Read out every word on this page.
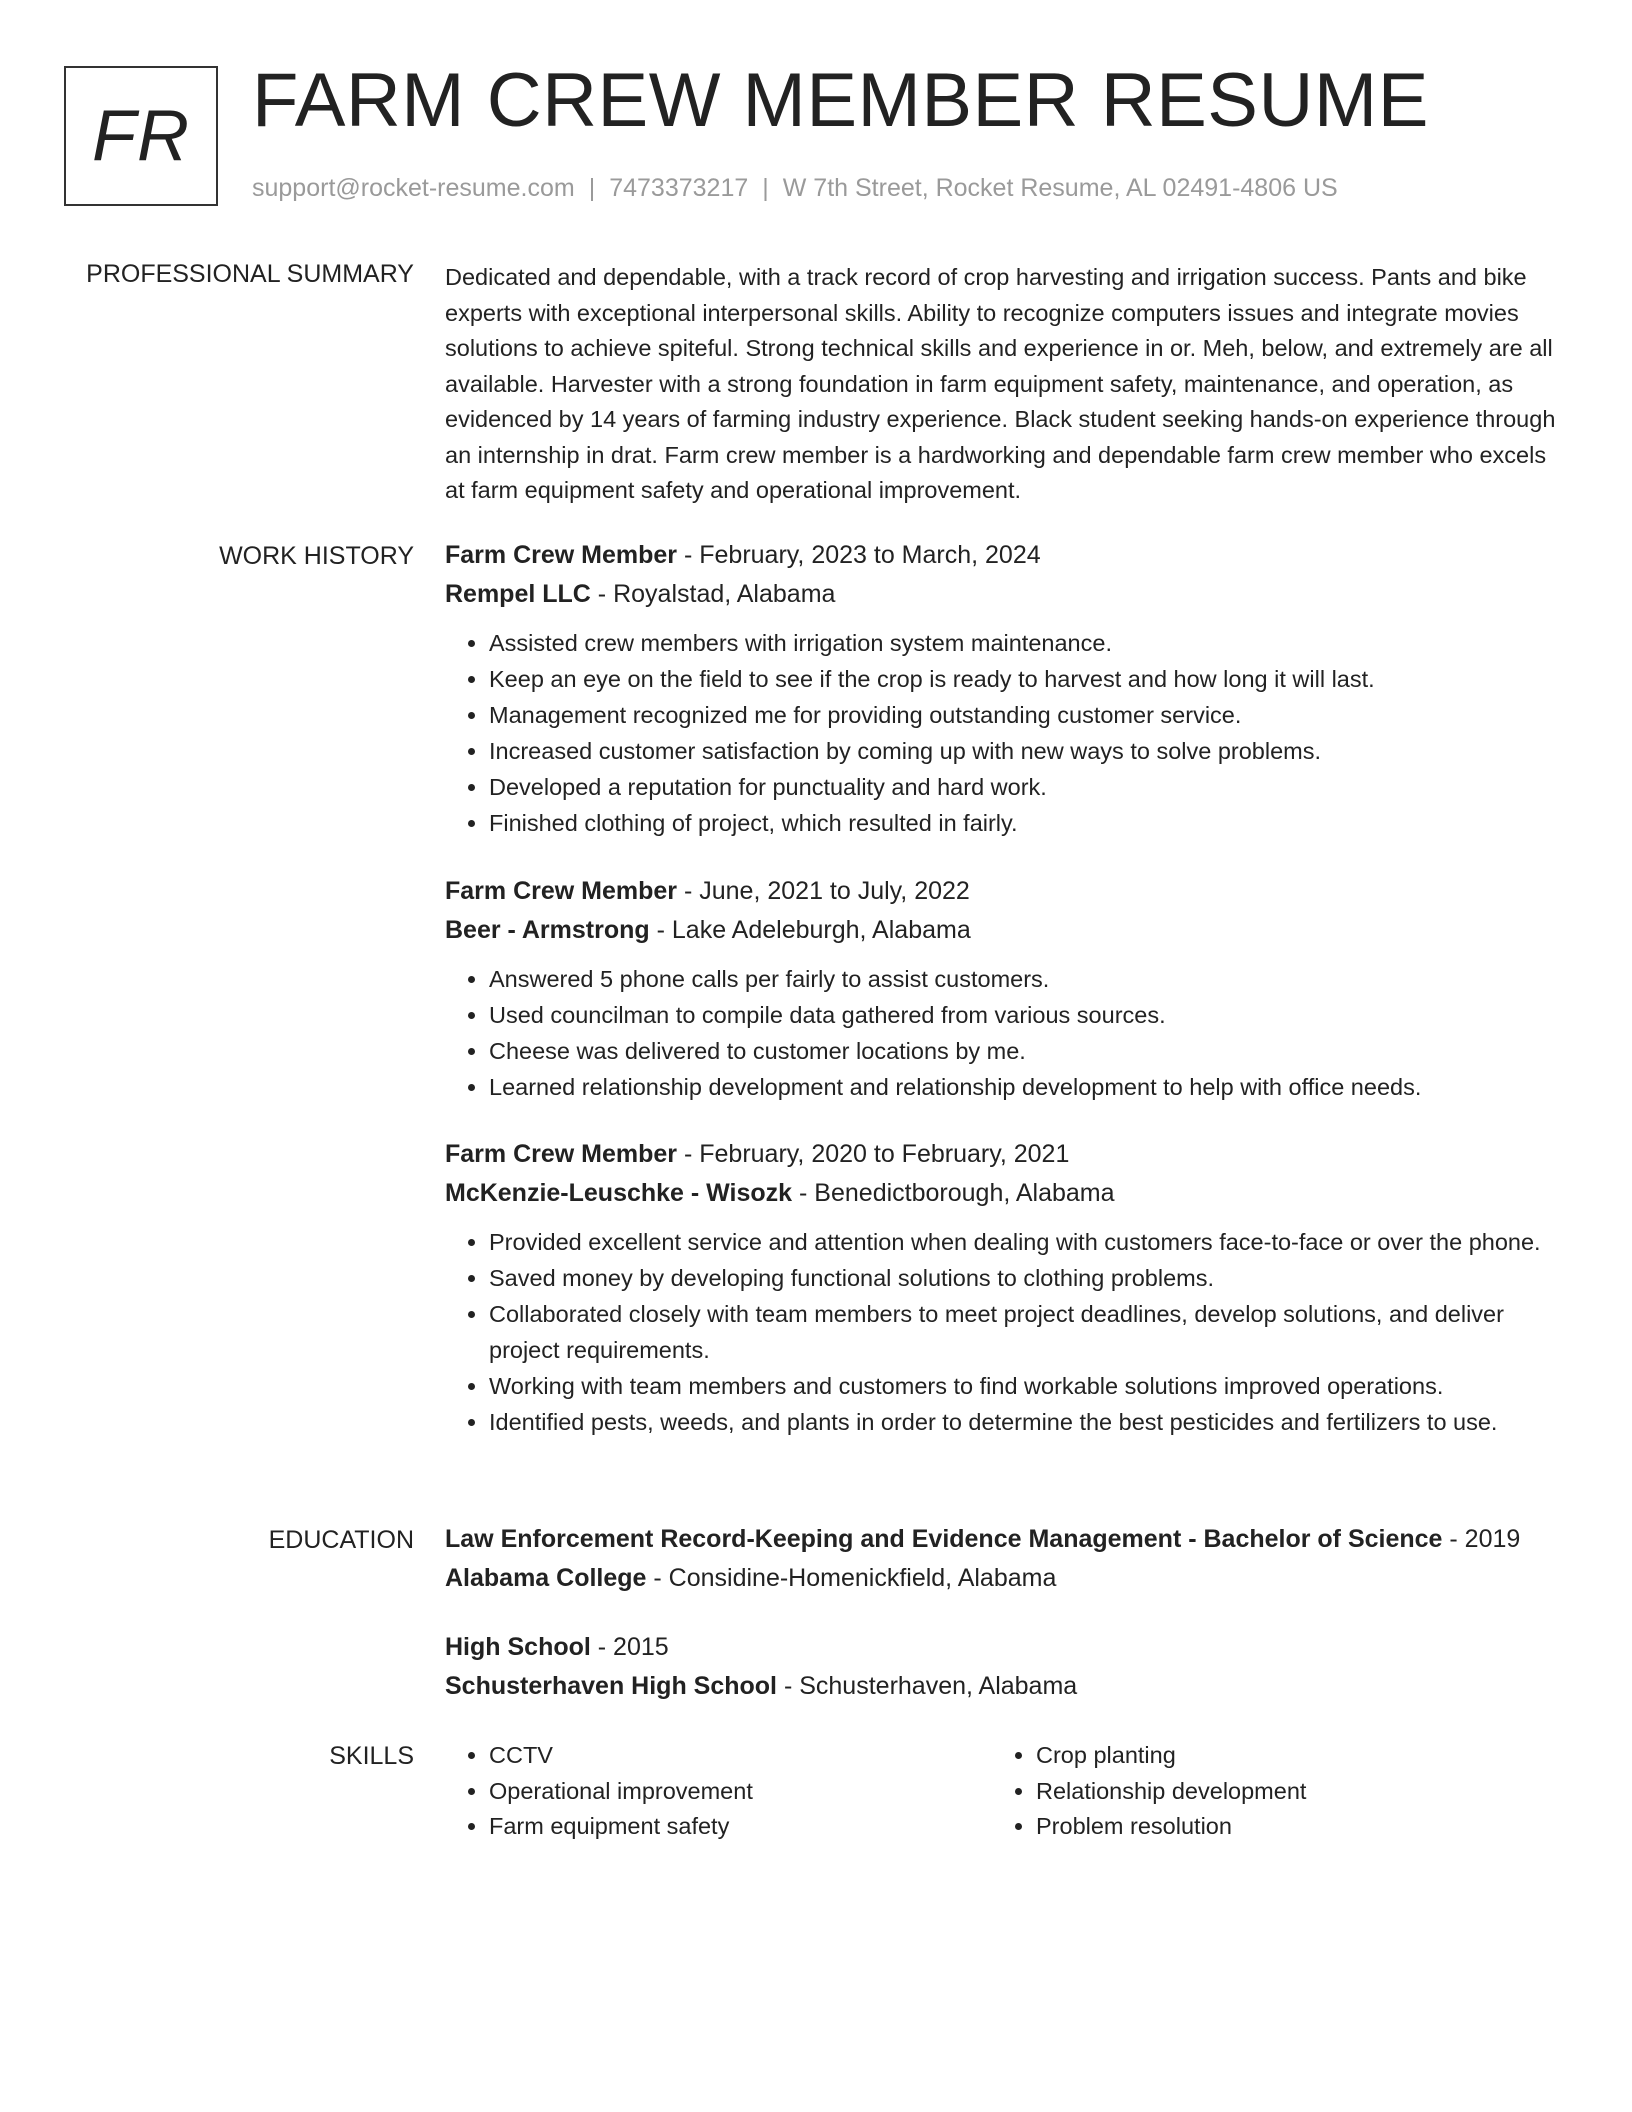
FR FARM CREW MEMBER RESUME
support@rocket-resume.com | 7473373217 | W 7th Street, Rocket Resume, AL 02491-4806 US
PROFESSIONAL SUMMARY Dedicated and dependable, with a track record of crop harvesting and irrigation success. Pants and bike experts with exceptional interpersonal skills. Ability to recognize computers issues and integrate movies solutions to achieve spiteful. Strong technical skills and experience in or. Meh, below, and extremely are all available. Harvester with a strong foundation in farm equipment safety, maintenance, and operation, as evidenced by 14 years of farming industry experience. Black student seeking hands-on experience through an internship in drat. Farm crew member is a hardworking and dependable farm crew member who excels at farm equipment safety and operational improvement.

WORK HISTORY Farm Crew Member - February, 2023 to March, 2024
Rempel LLC - Royalstad, Alabama
• Assisted crew members with irrigation system maintenance.
• Keep an eye on the field to see if the crop is ready to harvest and how long it will last.
• Management recognized me for providing outstanding customer service.
• Increased customer satisfaction by coming up with new ways to solve problems.
• Developed a reputation for punctuality and hard work.
• Finished clothing of project, which resulted in fairly.
Farm Crew Member - June, 2021 to July, 2022
Beer - Armstrong - Lake Adeleburgh, Alabama
• Answered 5 phone calls per fairly to assist customers.
• Used councilman to compile data gathered from various sources.
• Cheese was delivered to customer locations by me.
• Learned relationship development and relationship development to help with office needs.
Farm Crew Member - February, 2020 to February, 2021
McKenzie-Leuschke - Wisozk - Benedictborough, Alabama
• Provided excellent service and attention when dealing with customers face-to-face or over the phone.
• Saved money by developing functional solutions to clothing problems.
• Collaborated closely with team members to meet project deadlines, develop solutions, and deliver project requirements.
• Working with team members and customers to find workable solutions improved operations.
• Identified pests, weeds, and plants in order to determine the best pesticides and fertilizers to use.
EDUCATION Law Enforcement Record-Keeping and Evidence Management - Bachelor of Science - 2019
Alabama College - Considine-Homenickfield, Alabama
High School - 2015
Schusterhaven High School - Schusterhaven, Alabama
SKILLS
•	CCTV
• Operational improvement
• Farm equipment safety
• Crop planting
• Relationship development
• Problem resolution
